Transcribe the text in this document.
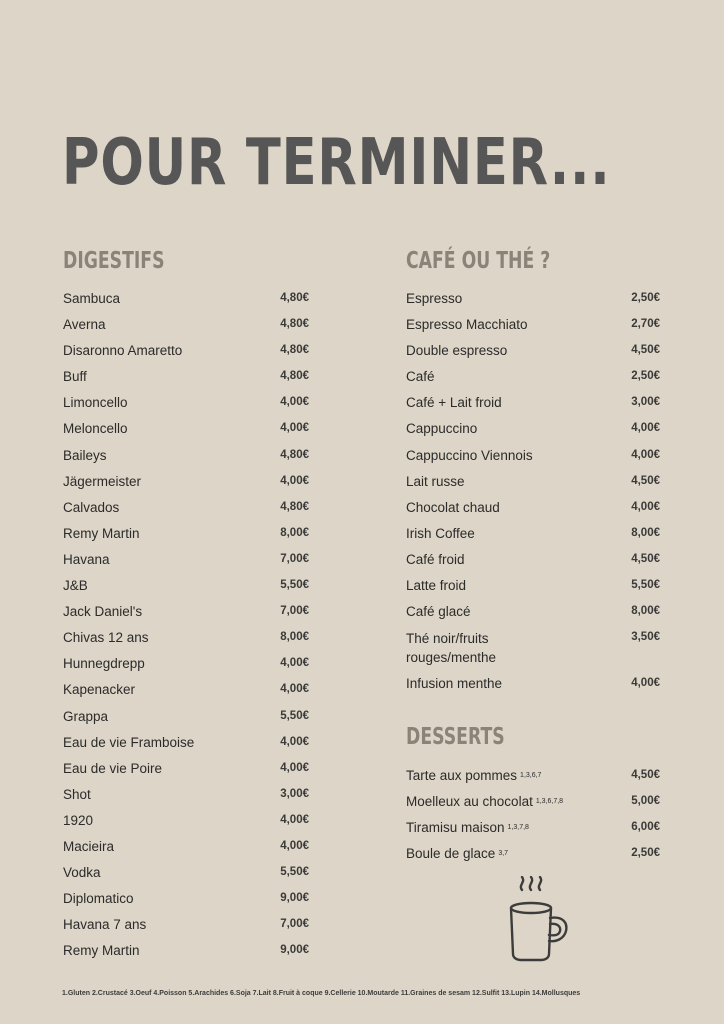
POUR TERMINER...
DIGESTIFS
Sambuca	4,80€
Averna	4,80€
Disaronno Amaretto	4,80€
Buff	4,80€
Limoncello	4,00€
Meloncello	4,00€
Baileys	4,80€
Jägermeister	4,00€
Calvados	4,80€
Remy Martin	8,00€
Havana	7,00€
J&B	5,50€
Jack Daniel's	7,00€
Chivas 12 ans	8,00€
Hunnegdrepp	4,00€
Kapenacker	4,00€
Grappa	5,50€
Eau de vie Framboise	4,00€
Eau de vie Poire	4,00€
Shot	3,00€
1920	4,00€
Macieira	4,00€
Vodka	5,50€
Diplomatico	9,00€
Havana 7 ans	7,00€
Remy Martin	9,00€
CAFÉ OU THÉ ?
Espresso	2,50€
Espresso Macchiato	2,70€
Double espresso	4,50€
Café	2,50€
Café + Lait froid	3,00€
Cappuccino	4,00€
Cappuccino Viennois	4,00€
Lait russe	4,50€
Chocolat chaud	4,00€
Irish Coffee	8,00€
Café froid	4,50€
Latte froid	5,50€
Café glacé	8,00€
Thé noir/fruits rouges/menthe
3,50€
Infusion menthe	4,00€
DESSERTS
Tarte aux pommes $^{1,3,6,7}$	4,50€
Moelleux au chocolat $^{1,3,6,7,8}$	5,00€
Tiramisu maison $^{1,3,7,8}$	6,00€
Boule de glace $^{3,7}$	2,50€
1.Gluten 2.Crustacé 3.Oeuf 4.Poisson 5.Arachides 6.Soja 7.Lait 8.Fruit à coque 9.Cellerie 10.Moutarde 11.Graines de sesam 12.Sulfit 13.Lupin 14.Mollusques
